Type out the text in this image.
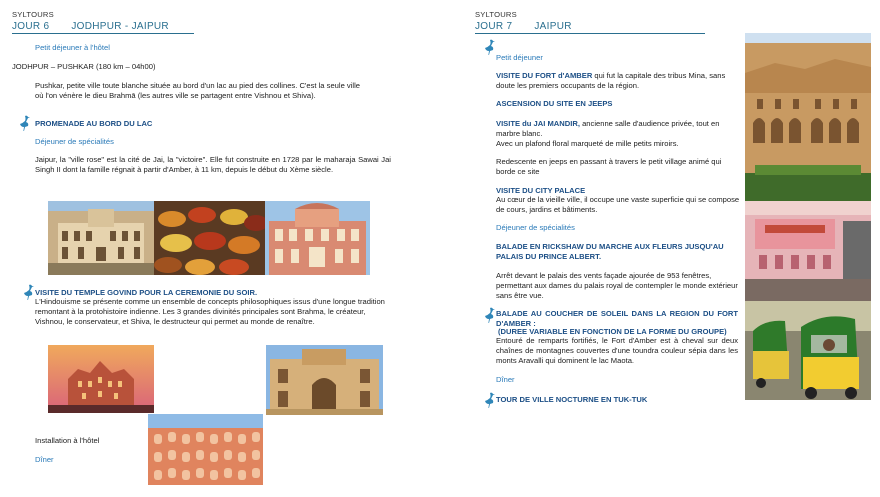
SYLTOURS
JOUR 6 JODHPUR - JAIPUR
Petit déjeuner à l'hôtel
JODHPUR – PUSHKAR (180 km – 04h00)
Pushkar, petite ville toute blanche située au bord d'un lac au pied des collines. C'est la seule ville où l'on vénère le dieu Brahmā (les autres ville se partagent entre Vishnou et Shiva).
PROMENADE AU BORD DU LAC
Déjeuner de spécialités
Jaipur, la "ville rose" est la cité de Jai, la "victoire". Elle fut construite en 1728 par le maharaja Sawai Jai Singh II dont la famille régnait à partir d'Amber, à 11 km, depuis le début du Xème siècle.
VISITE DU TEMPLE GOVIND POUR LA CEREMONIE DU SOIR.
L'Hindouisme se présente comme un ensemble de concepts philosophiques issus d'une longue tradition remontant à la protohistoire indienne. Les 3 grandes divinités principales sont Brahma, le créateur, Vishnou, le conservateur, et Shiva, le destructeur qui permet au monde de renaître.
Installation à l'hôtel
Dîner
SYLTOURS
JOUR 7 JAIPUR
Petit déjeuner
VISITE DU FORT d'AMBER qui fut la capitale des tribus Mina, sans doute les premiers occupants de la région.
ASCENSION DU SITE EN JEEPS
VISITE du JAI MANDIR, ancienne salle d'audience privée, tout en marbre blanc.
Avec un plafond floral marqueté de mille petits miroirs.
Redescente en jeeps en passant à travers le petit village animé qui borde ce site
VISITE DU CITY PALACE
Au cœur de la vieille ville, il occupe une vaste superficie qui se compose de cours, jardins et bâtiments.
Déjeuner de spécialités
BALADE EN RICKSHAW DU MARCHE AUX FLEURS JUSQU'AU PALAIS DU PRINCE ALBERT.
Arrêt devant le palais des vents façade ajourée de 953 fenêtres, permettant aux dames du palais royal de contempler le monde extérieur sans être vue.
BALADE AU COUCHER DE SOLEIL DANS LA REGION DU FORT D'AMBER :
(DUREE VARIABLE EN FONCTION DE LA FORME DU GROUPE)
Entouré de remparts fortifiés, le Fort d'Amber est à cheval sur deux chaînes de montagnes couvertes d'une toundra couleur sépia dans les monts Aravalli qui dominent le lac Maota.
Dîner
TOUR DE VILLE NOCTURNE EN TUK-TUK
